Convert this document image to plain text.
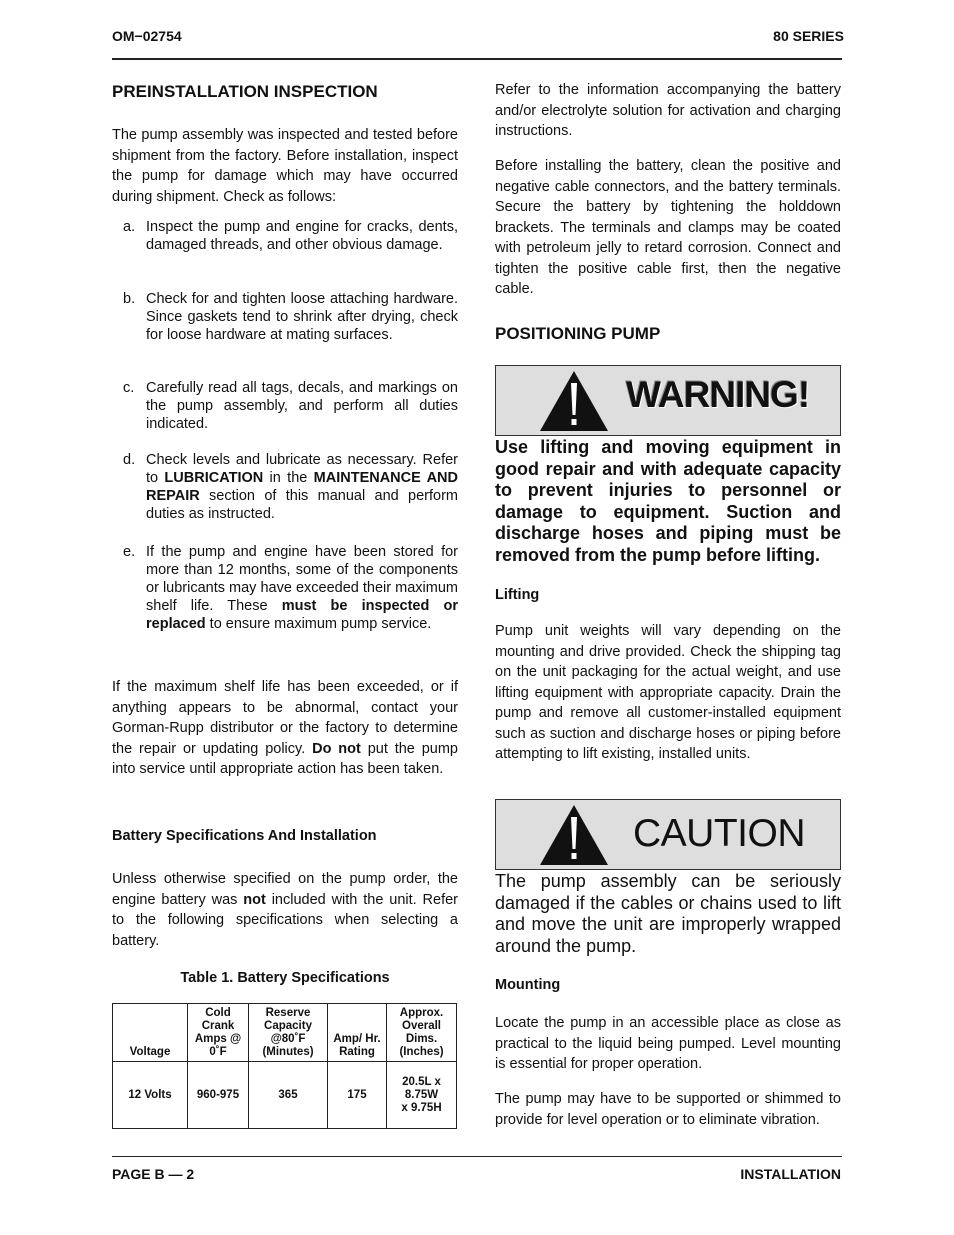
OM−02754	80 SERIES
PREINSTALLATION INSPECTION
The pump assembly was inspected and tested before shipment from the factory. Before installation, inspect the pump for damage which may have occurred during shipment. Check as follows:
a. Inspect the pump and engine for cracks, dents, damaged threads, and other obvious damage.
b. Check for and tighten loose attaching hardware. Since gaskets tend to shrink after drying, check for loose hardware at mating surfaces.
c. Carefully read all tags, decals, and markings on the pump assembly, and perform all duties indicated.
d. Check levels and lubricate as necessary. Refer to LUBRICATION in the MAINTENANCE AND REPAIR section of this manual and perform duties as instructed.
e. If the pump and engine have been stored for more than 12 months, some of the components or lubricants may have exceeded their maximum shelf life. These must be inspected or replaced to ensure maximum pump service.
If the maximum shelf life has been exceeded, or if anything appears to be abnormal, contact your Gorman-Rupp distributor or the factory to determine the repair or updating policy. Do not put the pump into service until appropriate action has been taken.
Battery Specifications And Installation
Unless otherwise specified on the pump order, the engine battery was not included with the unit. Refer to the following specifications when selecting a battery.
Table 1. Battery Specifications
Voltage	Cold Crank Amps @ 0˚F	Reserve Capacity @80˚F (Minutes)	Amp/ Hr. Rating	Approx. Overall Dims. (Inches)
12 Volts	960-975	365	175	20.5L x 8.75W x 9.75H
Refer to the information accompanying the battery and/or electrolyte solution for activation and charging instructions.
Before installing the battery, clean the positive and negative cable connectors, and the battery terminals. Secure the battery by tightening the holddown brackets. The terminals and clamps may be coated with petroleum jelly to retard corrosion. Connect and tighten the positive cable first, then the negative cable.
POSITIONING PUMP
WARNING!
Use lifting and moving equipment in good repair and with adequate capacity to prevent injuries to personnel or damage to equipment. Suction and discharge hoses and piping must be removed from the pump before lifting.
Lifting
Pump unit weights will vary depending on the mounting and drive provided. Check the shipping tag on the unit packaging for the actual weight, and use lifting equipment with appropriate capacity. Drain the pump and remove all customer-installed equipment such as suction and discharge hoses or piping before attempting to lift existing, installed units.
CAUTION
The pump assembly can be seriously damaged if the cables or chains used to lift and move the unit are improperly wrapped around the pump.
Mounting
Locate the pump in an accessible place as close as practical to the liquid being pumped. Level mounting is essential for proper operation.
The pump may have to be supported or shimmed to provide for level operation or to eliminate vibration.
PAGE B — 2	INSTALLATION
